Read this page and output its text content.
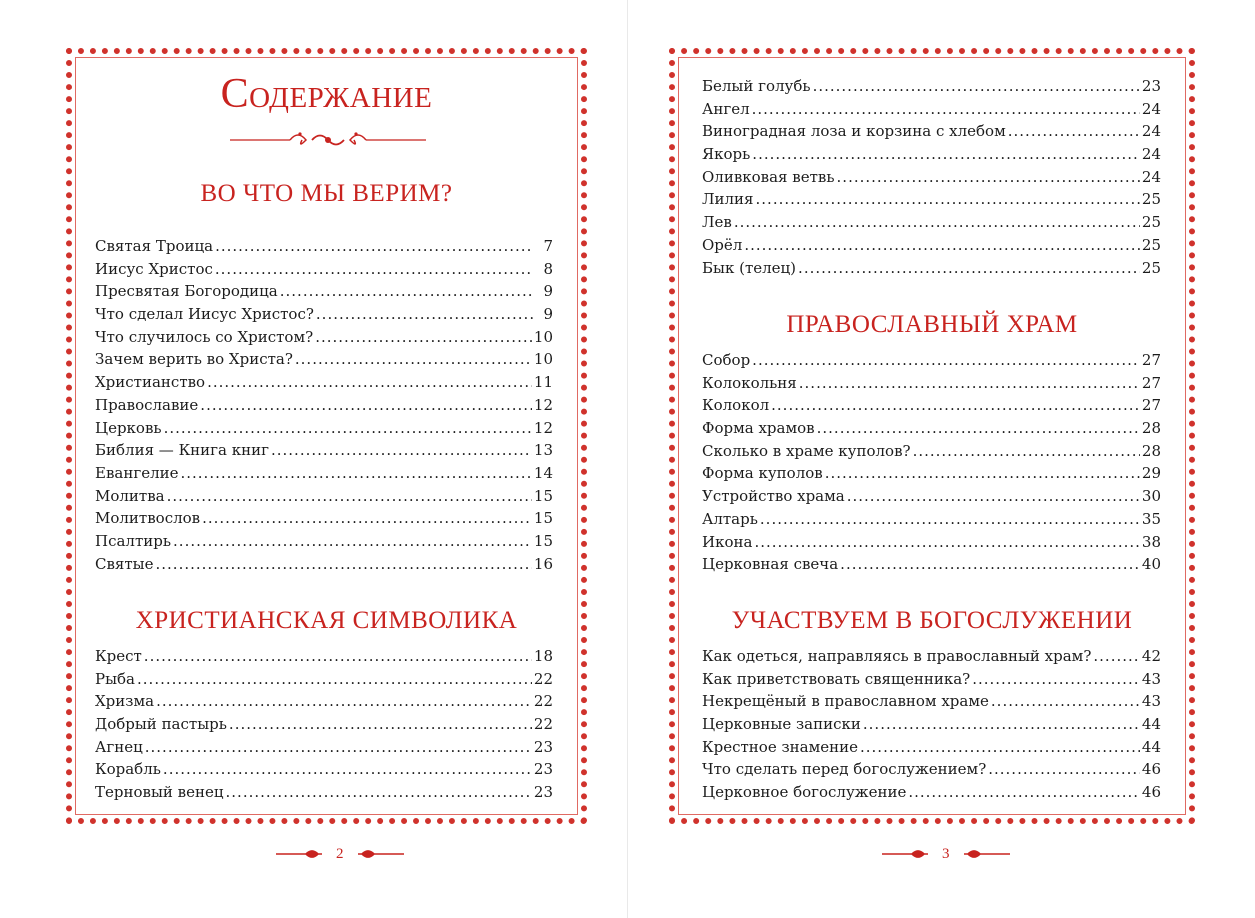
Содержание
ВО ЧТО МЫ ВЕРИМ?
Святая Троица .....	7
Иисус Христос .....	8
Пресвятая Богородица .....	9
Что сделал Иисус Христос? .....	9
Что случилось со Христом? .....	10
Зачем верить во Христа? .....	10
Христианство .....	11
Православие .....	12
Церковь .....	12
Библия — Книга книг .....	13
Евангелие .....	14
Молитва .....	15
Молитвослов .....	15
Псалтирь .....	15
Святые .....	16
ХРИСТИАНСКАЯ СИМВОЛИКА
Крест .....	18
Рыба .....	22
Хризма .....	22
Добрый пастырь .....	22
Агнец .....	23
Корабль .....	23
Терновый венец .....	23
2
Белый голубь .....	23
Ангел .....	24
Виноградная лоза и корзина с хлебом .....	24
Якорь .....	24
Оливковая ветвь .....	24
Лилия .....	25
Лев .....	25
Орёл .....	25
Бык (телец) .....	25
ПРАВОСЛАВНЫЙ ХРАМ
Собор .....	27
Колокольня .....	27
Колокол .....	27
Форма храмов .....	28
Сколько в храме куполов? .....	28
Форма куполов .....	29
Устройство храма .....	30
Алтарь .....	35
Икона .....	38
Церковная свеча .....	40
УЧАСТВУЕМ В БОГОСЛУЖЕНИИ
Как одеться, направляясь в православный храм? .....	42
Как приветствовать священника? .....	43
Некрещёный в православном храме .....	43
Церковные записки .....	44
Крестное знамение .....	44
Что сделать перед богослужением? .....	46
Церковное богослужение .....	46
3
